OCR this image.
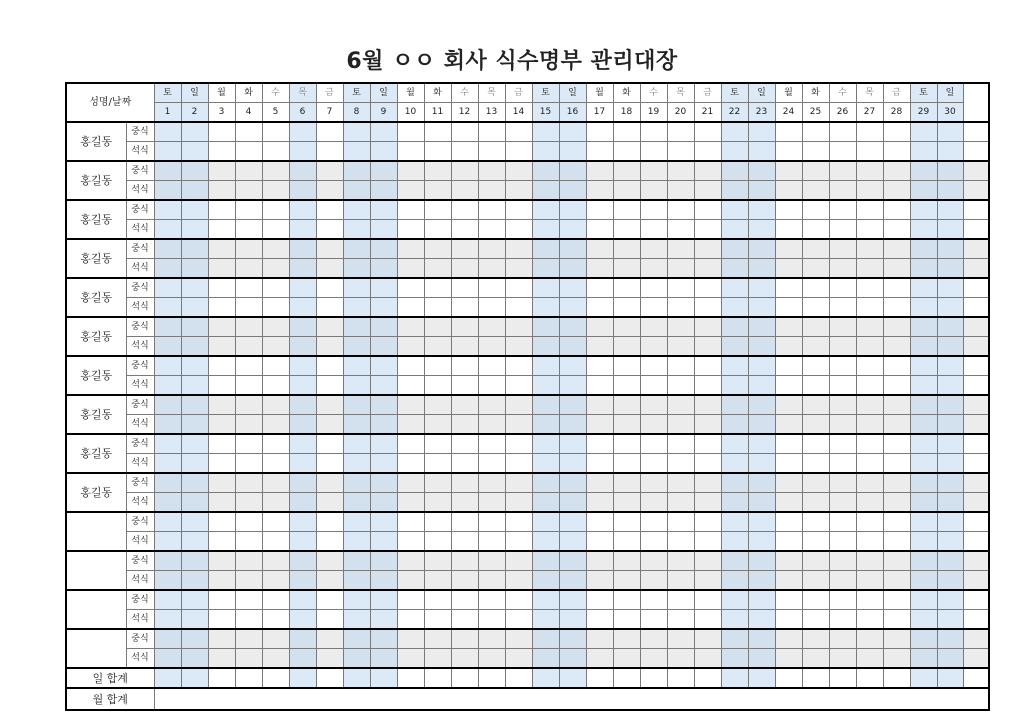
6월 ㅇㅇ 회사 식수명부 관리대장
성명/날짜		토	일	월	화	수	목	금	토	일	월	화	수	목	금	토	일	월	화	수	목	금	토	일	월	화	수	목	금	토	일	
		1	2	3	4	5	6	7	8	9	10	11	12	13	14	15	16	17	18	19	20	21	22	23	24	25	26	27	28	29	30	
홍길동	중식																															
	석식																															
홍길동	중식																															
	석식																															
홍길동	중식																															
	석식																															
홍길동	중식																															
	석식																															
홍길동	중식																															
	석식																															
홍길동	중식																															
	석식																															
홍길동	중식																															
	석식																															
홍길동	중식																															
	석식																															
홍길동	중식																															
	석식																															
홍길동	중식																															
	석식																															
	중식																															
	석식																															
	중식																															
	석식																															
	중식																															
	석식																															
	중식																															
	석식																															
일 합계																																
월 합계																																
